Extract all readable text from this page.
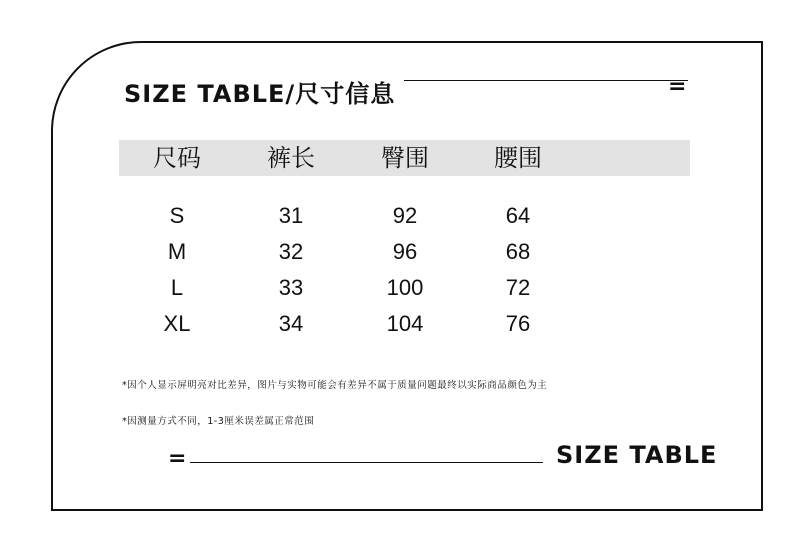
SIZE TABLE/尺寸信息	=
尺码	裤长	臀围	腰围
S	31	92	64
M	32	96	68
L	33	100	72
XL	34	104	76
*因个人显示屏明亮对比差异，图片与实物可能会有差异不属于质量问题最终以实际商品颜色为主
*因测量方式不同，1-3厘米误差属正常范围
=	SIZE TABLE
